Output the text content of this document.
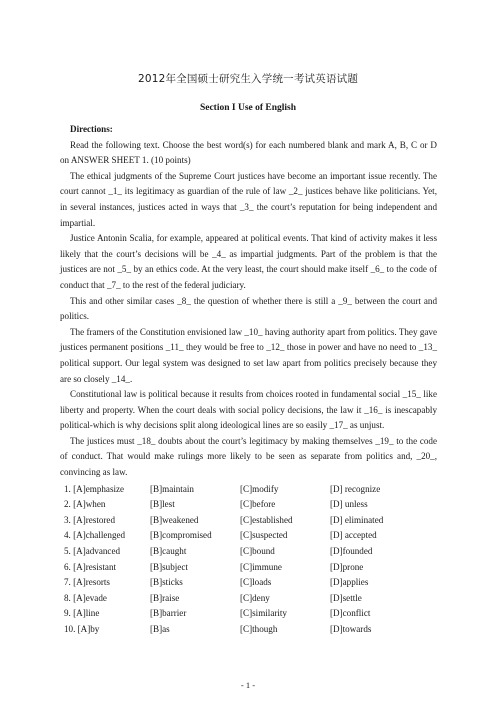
2012年全国硕士研究生入学统一考试英语试题
Section I Use of English

Directions:

Read the following text. Choose the best word(s) for each numbered blank and mark A, B, C or D on ANSWER SHEET 1. (10 points)

The ethical judgments of the Supreme Court justices have become an important issue recently. The court cannot _1_ its legitimacy as guardian of the rule of law _2_ justices behave like politicians. Yet, in several instances, justices acted in ways that _3_ the court’s reputation for being independent and impartial.

Justice Antonin Scalia, for example, appeared at political events. That kind of activity makes it less likely that the court’s decisions will be _4_ as impartial judgments. Part of the problem is that the justices are not _5_ by an ethics code. At the very least, the court should make itself _6_ to the code of conduct that _7_ to the rest of the federal judiciary.

This and other similar cases _8_ the question of whether there is still a _9_ between the court and politics.

The framers of the Constitution envisioned law _10_ having authority apart from politics. They gave justices permanent positions _11_ they would be free to _12_ those in power and have no need to _13_ political support. Our legal system was designed to set law apart from politics precisely because they are so closely _14_.

Constitutional law is political because it results from choices rooted in fundamental social _15_ like liberty and property. When the court deals with social policy decisions, the law it _16_ is inescapably political-which is why decisions split along ideological lines are so easily _17_ as unjust.

The justices must _18_ doubts about the court’s legitimacy by making themselves _19_ to the code of conduct. That would make rulings more likely to be seen as separate from politics and, _20_, convincing as law.

1. [A]emphasize	[B]maintain	[C]modify	[D] recognize
2. [A]when	[B]lest	[C]before	[D] unless
3. [A]restored	[B]weakened	[C]established	[D] eliminated
4. [A]challenged	[B]compromised	[C]suspected	[D] accepted
5. [A]advanced	[B]caught	[C]bound	[D]founded
6. [A]resistant	[B]subject	[C]immune	[D]prone
7. [A]resorts	[B]sticks	[C]loads	[D]applies
8. [A]evade	[B]raise	[C]deny	[D]settle
9. [A]line	[B]barrier	[C]similarity	[D]conflict
10. [A]by	[B]as	[C]though	[D]towards
- 1 -
